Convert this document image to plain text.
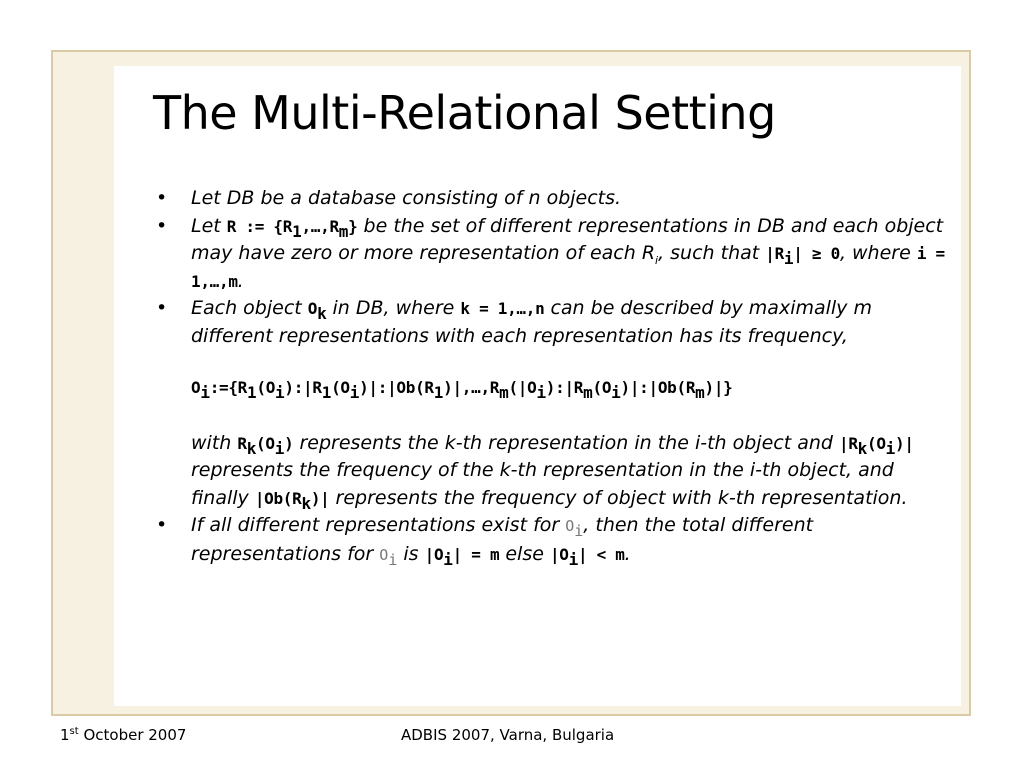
The Multi-Relational Setting
• Let DB be a database consisting of n objects.
• Let R := $\{R_1,\dots,R_m\}$ be the set of different representations in DB and each object may have zero or more representation of each $R_i$, such that $|R_i| \ge 0$, where i = 1,…,m.
• Each object $O_k$ in DB, where k = 1,…,n can be described by maximally m different representations with each representation has its frequency,
$O_i:=\{R_1(O_i):|R_1(O_i)|:|Ob(R_1)|,\dots,R_m(|O_i):|R_m(O_i)|:|Ob(R_m)|\}$
with $R_k(O_i)$ represents the k-th representation in the i-th object and $|R_k(O_i)|$ represents the frequency of the k-th representation in the i-th object, and finally $|Ob(R_k)|$ represents the frequency of object with k-th representation.
• If all different representations exist for $O_i$, then the total different representations for $O_i$ is $|O_i| = m$ else $|O_i| < m$.
1st October 2007	ADBIS 2007, Varna, Bulgaria
